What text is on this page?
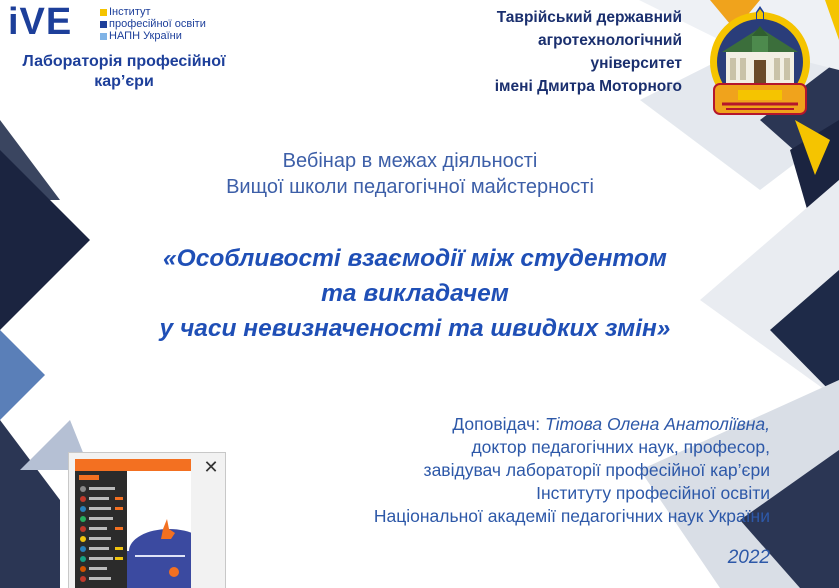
iVE	Інститут
професійної освіти
НАПН України
Лабораторія професійної кар’єри
Таврійський державний
агротехнологічний
університет
імені Дмитра Моторного
Вебінар в межах діяльності
Вищої школи педагогічної майстерності
«Особливості взаємодії між студентом
та викладачем
у часи невизначеності та швидких змін»
Доповідач: Тітова Олена Анатоліївна,
доктор педагогічних наук, професор,
завідувач лабораторії професійної кар’єри
Інституту професійної освіти
Національної академії педагогічних наук України
2022
✕
